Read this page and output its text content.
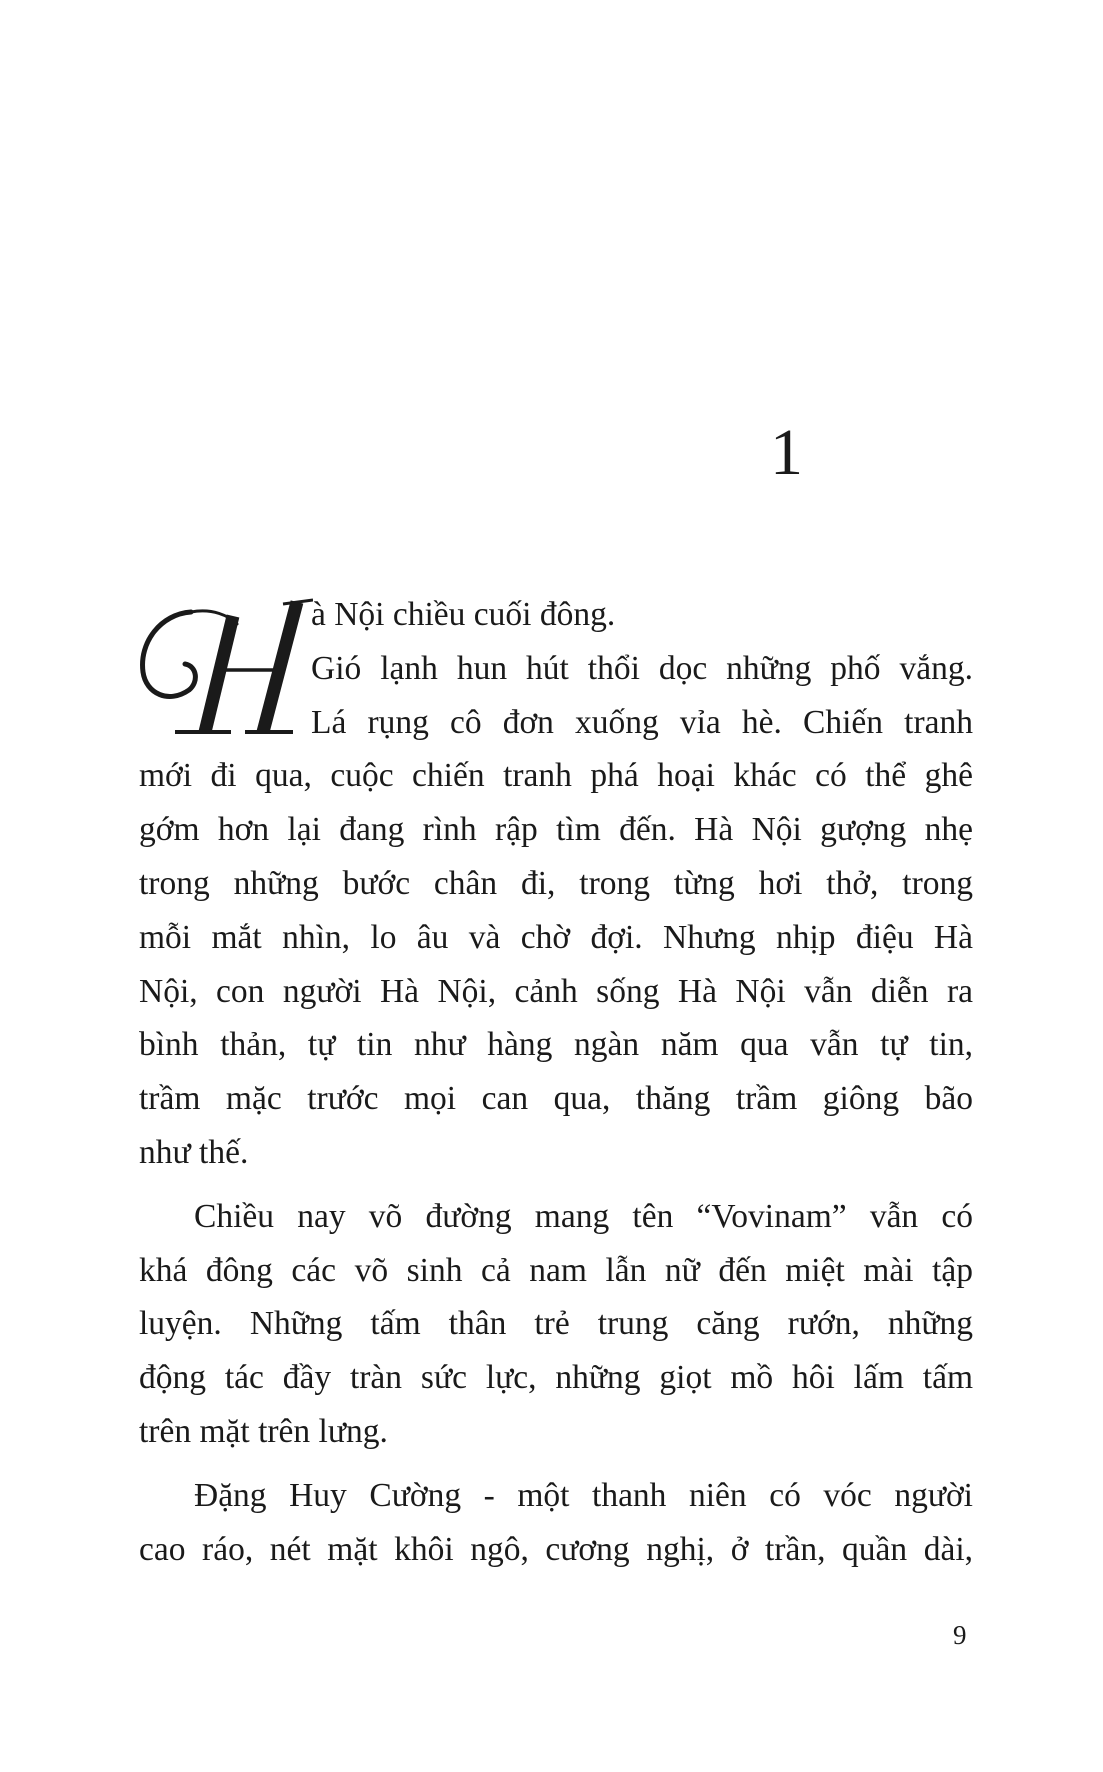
1
H
à Nội chiều cuối đông.
Gió lạnh hun hút thổi dọc những phố vắng.
Lá rụng cô đơn xuống vỉa hè. Chiến tranh
mới đi qua, cuộc chiến tranh phá hoại khác có thể ghê
gớm hơn lại đang rình rập tìm đến. Hà Nội gượng nhẹ
trong những bước chân đi, trong từng hơi thở, trong
mỗi mắt nhìn, lo âu và chờ đợi. Nhưng nhịp điệu Hà
Nội, con người Hà Nội, cảnh sống Hà Nội vẫn diễn ra
bình thản, tự tin như hàng ngàn năm qua vẫn tự tin,
trầm mặc trước mọi can qua, thăng trầm giông bão
như thế.
Chiều nay võ đường mang tên “Vovinam” vẫn có
khá đông các võ sinh cả nam lẫn nữ đến miệt mài tập
luyện. Những tấm thân trẻ trung căng rướn, những
động tác đầy tràn sức lực, những giọt mồ hôi lấm tấm
trên mặt trên lưng.
Đặng Huy Cường - một thanh niên có vóc người
cao ráo, nét mặt khôi ngô, cương nghị, ở trần, quần dài,
9
